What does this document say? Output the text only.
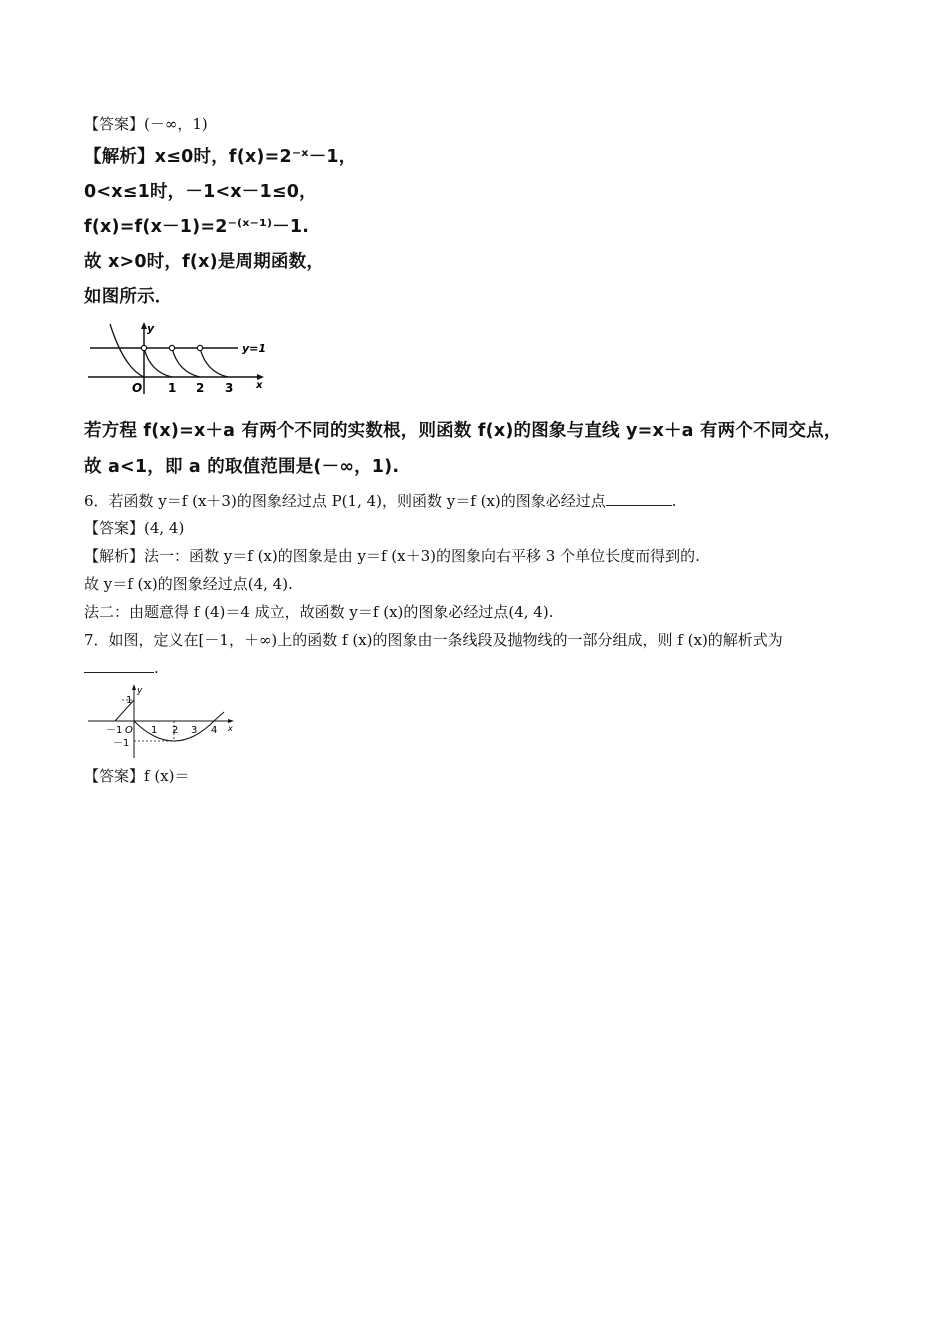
【答案】(－∞，1)
【解析】x≤0时，f(x)=2⁻ˣ－1，
0<x≤1时，－1<x－1≤0，
f(x)=f(x－1)=2⁻⁽ˣ⁻¹⁾－1.
故 x>0时，f(x)是周期函数，
如图所示．
y
x
O 1 2 3
y=1
若方程 f(x)=x＋a 有两个不同的实数根，则函数 f(x)的图象与直线 y=x＋a 有两个不同交点，
故 a<1，即 a 的取值范围是(－∞，1).
6．若函数 y＝f (x＋3)的图象经过点 P(1, 4)，则函数 y＝f (x)的图象必经过点	.
【答案】(4, 4)
【解析】法一：函数 y＝f (x)的图象是由 y＝f (x＋3)的图象向右平移 3 个单位长度而得到的.
故 y＝f (x)的图象经过点(4, 4).
法二：由题意得 f (4)＝4 成立，故函数 y＝f (x)的图象必经过点(4, 4).
7．如图，定义在[－1，＋∞)上的函数 f (x)的图象由一条线段及抛物线的一部分组成，则 f (x)的解析式为
.
y
x
1
－1
－1 O 1 2 3 4
【答案】f (x)＝
